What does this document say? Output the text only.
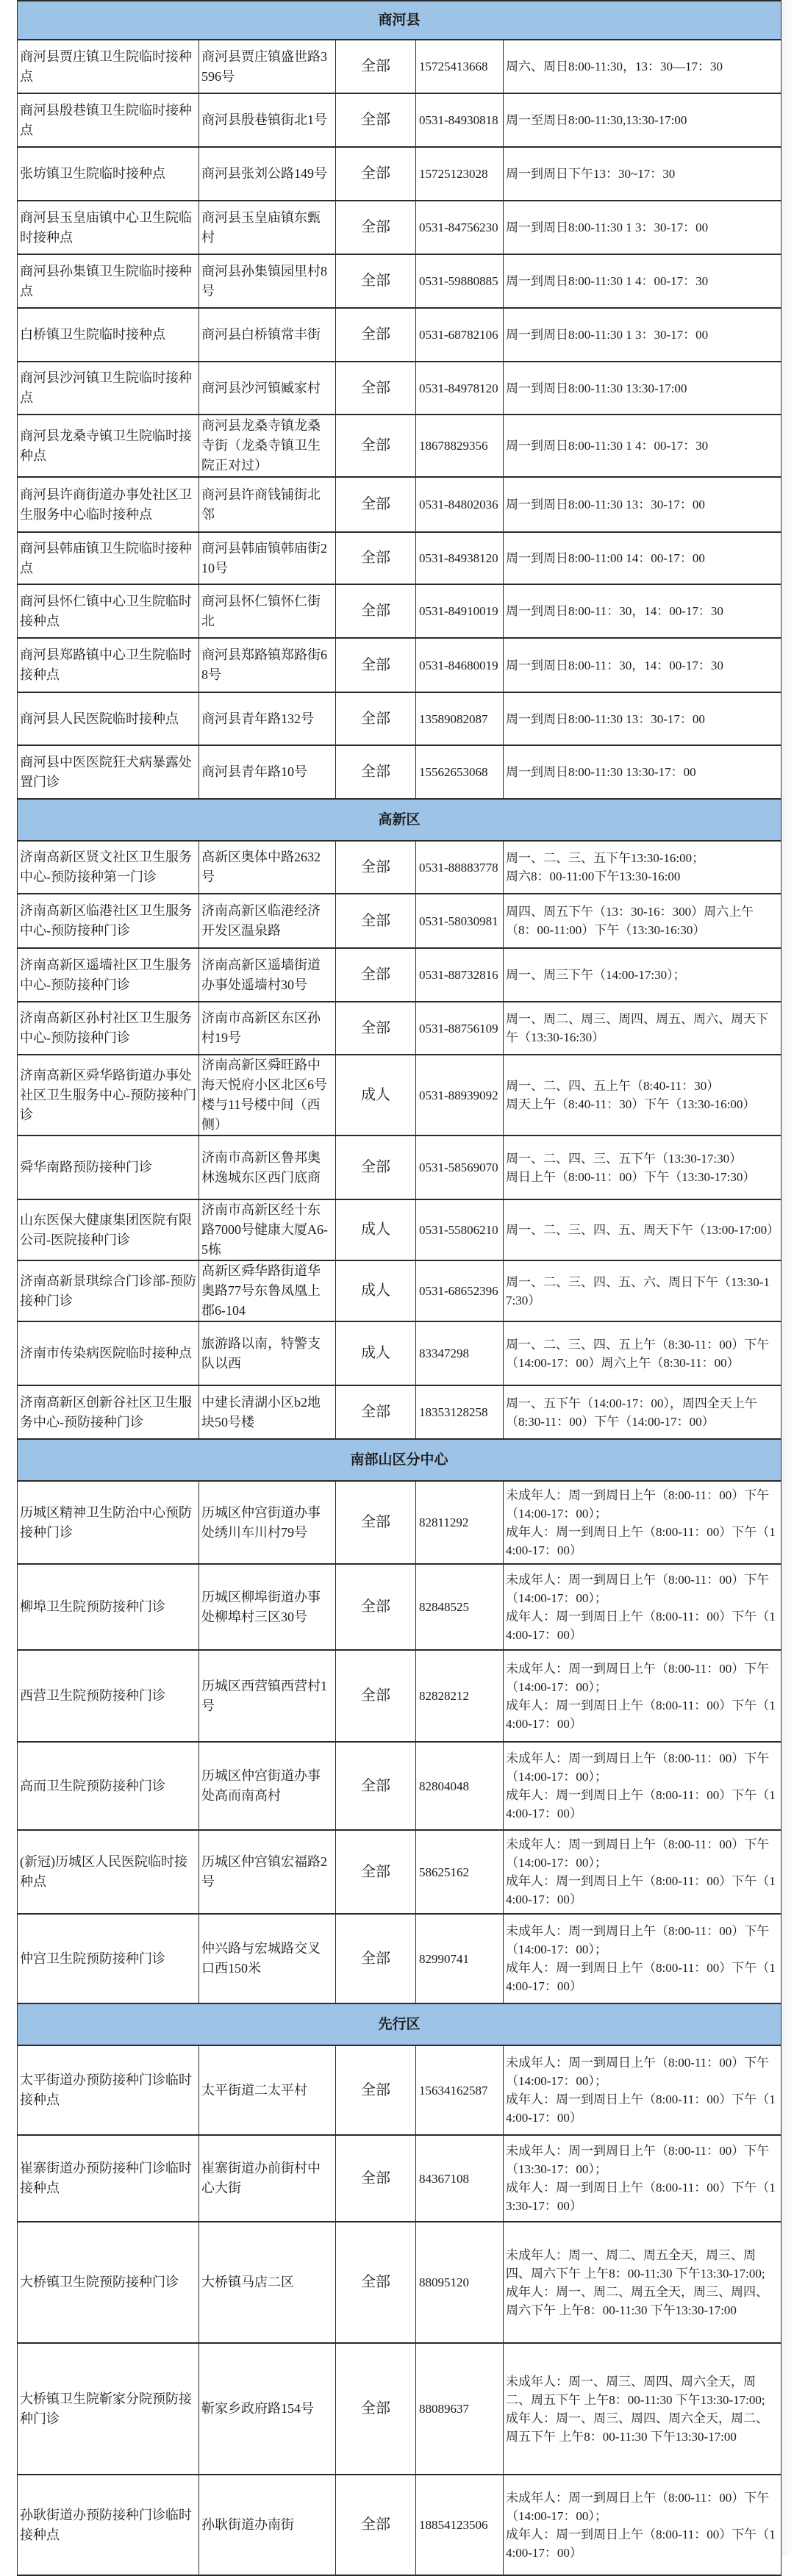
商河县				
商河县贾庄镇卫生院临时接种点	商河县贾庄镇盛世路3596号	全部	15725413668	周六、周日8:00-11:30，13：30—17：30
商河县殷巷镇卫生院临时接种点	商河县殷巷镇街北1号	全部	0531-84930818	周一至周日8:00-11:30,13:30-17:00
张坊镇卫生院临时接种点	商河县张刘公路149号	全部	15725123028	周一到周日下午13：30~17：30
商河县玉皇庙镇中心卫生院临时接种点	商河县玉皇庙镇东甄村	全部	0531-84756230	周一到周日8:00-11:30 1 3：30-17：00
商河县孙集镇卫生院临时接种点	商河县孙集镇园里村8号	全部	0531-59880885	周一到周日8:00-11:30 1 4：00-17：30
白桥镇卫生院临时接种点	商河县白桥镇常丰街	全部	0531-68782106	周一到周日8:00-11:30 1 3：30-17：00
商河县沙河镇卫生院临时接种点	商河县沙河镇臧家村	全部	0531-84978120	周一到周日8:00-11:30 13:30-17:00
商河县龙桑寺镇卫生院临时接种点	商河县龙桑寺镇龙桑寺街（龙桑寺镇卫生院正对过）	全部	18678829356	周一到周日8:00-11:30 1 4：00-17：30
商河县许商街道办事处社区卫生服务中心临时接种点	商河县许商钱铺街北邻	全部	0531-84802036	周一到周日8:00-11:30 13：30-17：00
商河县韩庙镇卫生院临时接种点	商河县韩庙镇韩庙街210号	全部	0531-84938120	周一到周日8:00-11:00 14：00-17：00
商河县怀仁镇中心卫生院临时接种点	商河县怀仁镇怀仁街北	全部	0531-84910019	周一到周日8:00-11：30，14：00-17：30
商河县郑路镇中心卫生院临时接种点	商河县郑路镇郑路街68号	全部	0531-84680019	周一到周日8:00-11：30，14：00-17：30
商河县人民医院临时接种点	商河县青年路132号	全部	13589082087	周一到周日8:00-11:30 13：30-17：00
商河县中医医院狂犬病暴露处置门诊	商河县青年路10号	全部	15562653068	周一到周日8:00-11:30 13:30-17：00
高新区				
济南高新区贤文社区卫生服务中心-预防接种第一门诊	高新区奥体中路2632号	全部	0531-88883778	周一、二、三、五下午13:30-16:00；
周六8：00-11:00下午13:30-16:00
济南高新区临港社区卫生服务中心-预防接种门诊	济南高新区临港经济开发区温泉路	全部	0531-58030981	周四、周五下午（13：30-16：300）周六上午（8：00-11:00）下午（13:30-16:30）
济南高新区遥墙社区卫生服务中心-预防接种门诊	济南高新区遥墙街道办事处遥墙村30号	全部	0531-88732816	周一、周三下午（14:00-17:30）；
济南高新区孙村社区卫生服务中心-预防接种门诊	济南市高新区东区孙村19号	全部	0531-88756109	周一、周二、周三、周四、周五、周六、周天下午（13:30-16:30）
济南高新区舜华路街道办事处社区卫生服务中心-预防接种门诊	济南高新区舜旺路中海天悦府小区北区6号楼与11号楼中间（西侧）	成人	0531-88939092	周一、二、四、五上午（8:40-11：30）
周天上午（8:40-11：30）下午（13:30-16:00）
舜华南路预防接种门诊	济南市高新区鲁邦奥林逸城东区西门底商	全部	0531-58569070	周一、二、四、三、五下午（13:30-17:30）
周日上午（8:00-11：00）下午（13:30-17:30）
山东医保大健康集团医院有限公司-医院接种门诊	济南市高新区经十东路7000号健康大厦A6-5栋	成人	0531-55806210	周一、二、三、四、五、周天下午（13:00-17:00）
济南高新景琪综合门诊部-预防接种门诊	高新区舜华路街道华奥路77号东鲁凤凰上郡6-104	成人	0531-68652396	周一、二、三、四、五、六、周日下午（13:30-17:30）
济南市传染病医院临时接种点	旅游路以南，特警支队以西	成人	83347298	周一、二、三、四、五上午（8:30-11：00）下午（14:00-17：00）周六上午（8:30-11：00）
济南高新区创新谷社区卫生服务中心-预防接种门诊	中建长清湖小区b2地块50号楼	全部	18353128258	周一、五下午（14:00-17：00），周四全天上午（8:30-11：00）下午（14:00-17：00）
南部山区分中心				
历城区精神卫生防治中心预防接种门诊	历城区仲宫街道办事处绣川车川村79号	全部	82811292	未成年人：周一到周日上午（8:00-11：00）下午（14:00-17：00）；
成年人：周一到周日上午（8:00-11：00）下午（14:00-17：00）
柳埠卫生院预防接种门诊	历城区柳埠街道办事处柳埠村三区30号	全部	82848525	未成年人：周一到周日上午（8:00-11：00）下午（14:00-17：00）；
成年人：周一到周日上午（8:00-11：00）下午（14:00-17：00）
西营卫生院预防接种门诊	历城区西营镇西营村1号	全部	82828212	未成年人：周一到周日上午（8:00-11：00）下午（14:00-17：00）；
成年人：周一到周日上午（8:00-11：00）下午（14:00-17：00）
高而卫生院预防接种门诊	历城区仲宫街道办事处高而南高村	全部	82804048	未成年人：周一到周日上午（8:00-11：00）下午（14:00-17：00）；
成年人：周一到周日上午（8:00-11：00）下午（14:00-17：00）
(新冠)历城区人民医院临时接种点	历城区仲宫镇宏福路2号	全部	58625162	未成年人：周一到周日上午（8:00-11：00）下午（14:00-17：00）；
成年人：周一到周日上午（8:00-11：00）下午（14:00-17：00）
仲宫卫生院预防接种门诊	仲兴路与宏城路交叉口西150米	全部	82990741	未成年人：周一到周日上午（8:00-11：00）下午（14:00-17：00）；
成年人：周一到周日上午（8:00-11：00）下午（14:00-17：00）
先行区				
太平街道办预防接种门诊临时接种点	太平街道二太平村	全部	15634162587	未成年人：周一到周日上午（8:00-11：00）下午（14:00-17：00）；
成年人：周一到周日上午（8:00-11：00）下午（14:00-17：00）
崔寨街道办预防接种门诊临时接种点	崔寨街道办前街村中心大街	全部	84367108	未成年人：周一到周日上午（8:00-11：00）下午（13:30-17：00）；
成年人：周一到周日上午（8:00-11：00）下午（13:30-17：00）
大桥镇卫生院预防接种门诊	大桥镇马店二区	全部	88095120	未成年人：周一、周二、周五全天，周三、周四、周六下午 上午8：00-11:30 下午13:30-17:00;
成年人：周一、周二、周五全天，周三、周四、周六下午 上午8：00-11:30 下午13:30-17:00
大桥镇卫生院靳家分院预防接种门诊	靳家乡政府路154号	全部	88089637	未成年人：周一、周三、周四、周六全天，周二、周五下午 上午8：00-11:30 下午13:30-17:00;
成年人：周一、周三、周四、周六全天，周二、周五下午 上午8：00-11:30 下午13:30-17:00
孙耿街道办预防接种门诊临时接种点	孙耿街道办南街	全部	18854123506	未成年人：周一到周日上午（8:00-11：00）下午（14:00-17：00）；
成年人：周一到周日上午（8:00-11：00）下午（14:00-17：00）
